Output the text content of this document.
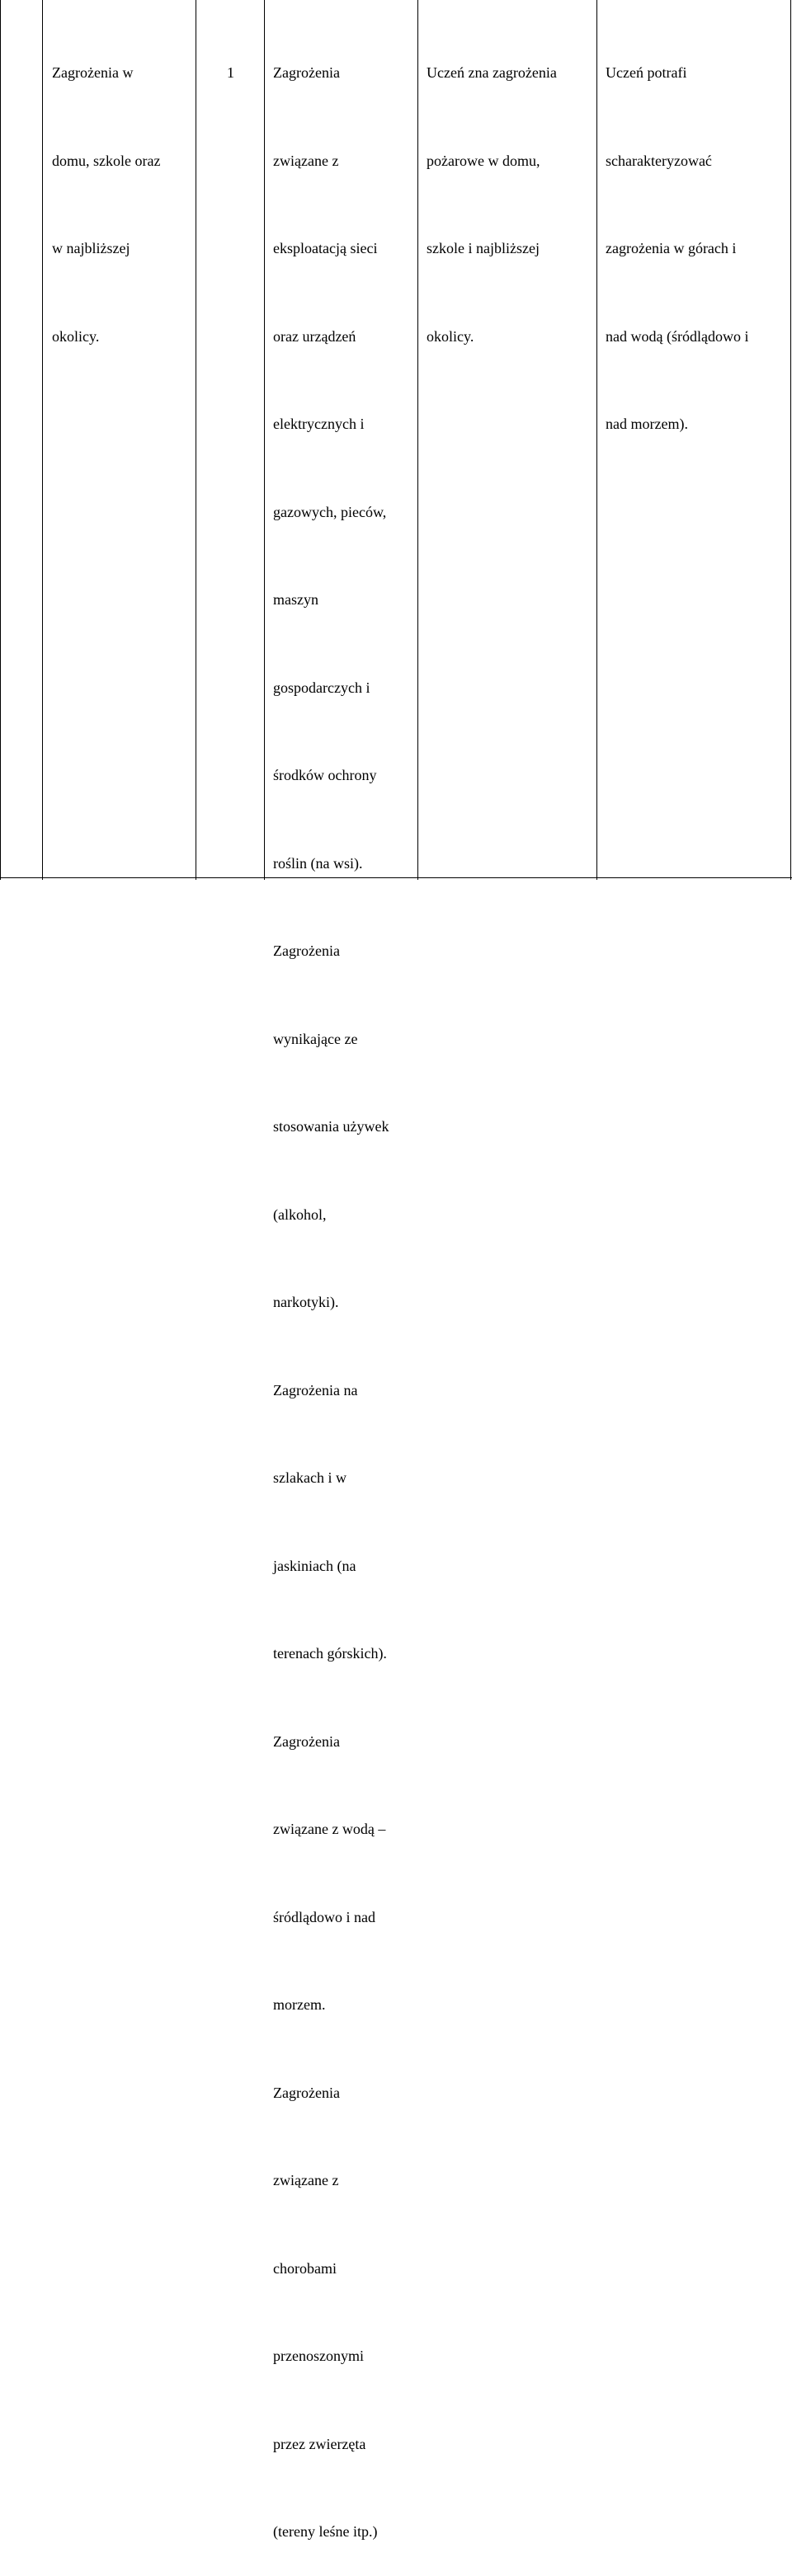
Zagrożenia w

domu, szkole oraz

w najbliższej

okolicy.

1

	Zagrożenia

związane z

eksploatacją sieci

oraz urządzeń

elektrycznych i

gazowych, pieców,

maszyn

gospodarczych i

środków ochrony

roślin (na wsi).

Zagrożenia

wynikające ze

stosowania używek

(alkohol,

narkotyki).

Zagrożenia na

szlakach i w

jaskiniach (na

terenach górskich).

Zagrożenia

związane z wodą –

śródlądowo i nad

morzem.

Zagrożenia

związane z

chorobami

przenoszonymi

przez zwierzęta

(tereny leśne itp.)

Uczeń zna zagrożenia

pożarowe w domu,

szkole i najbliższej

okolicy.

Uczeń potrafi

scharakteryzować

zagrożenia w górach i

nad wodą (śródlądowo i

nad morzem).
